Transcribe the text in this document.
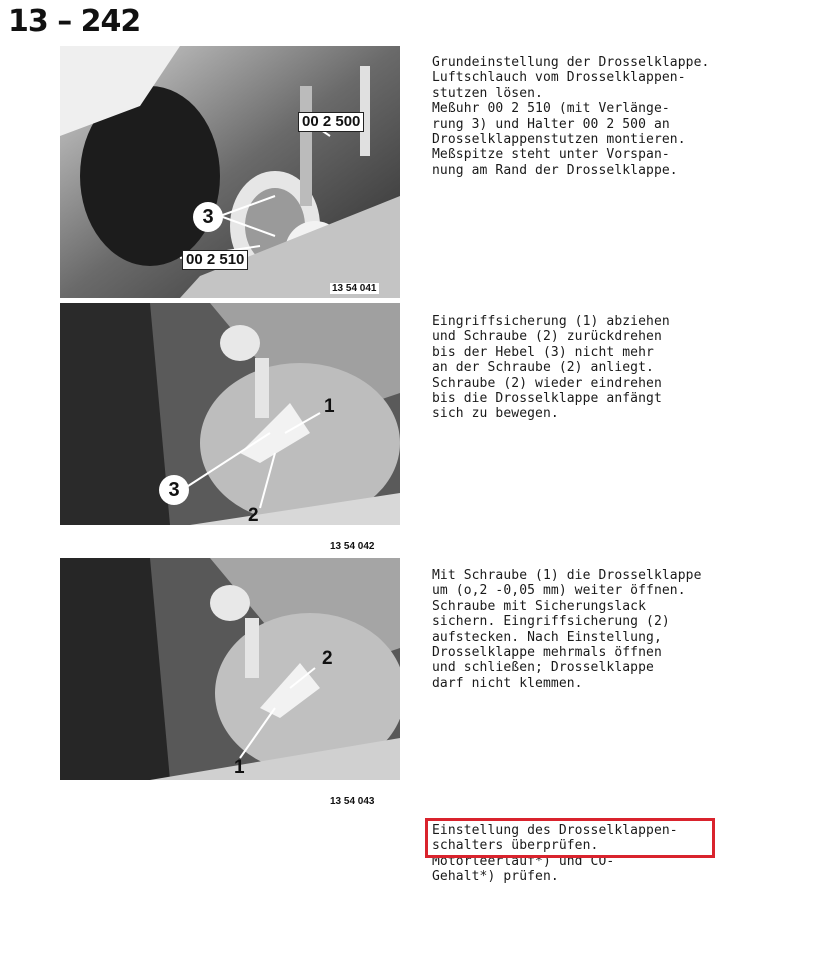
13 – 242
00 2 500
00 2 510
3
13 54 041
Grundeinstellung der Drosselklappe.
Luftschlauch vom Drosselklappen-
stutzen lösen.
Meßuhr 00 2 510 (mit Verlänge-
rung 3) und Halter 00 2 500 an
Drosselklappenstutzen montieren.
Meßspitze steht unter Vorspan-
nung am Rand der Drosselklappe.
3
2
1
13 54 042
Eingriffsicherung (1) abziehen
und Schraube (2) zurückdrehen
bis der Hebel (3) nicht mehr
an der Schraube (2) anliegt.
Schraube (2) wieder eindrehen
bis die Drosselklappe anfängt
sich zu bewegen.
2
1
13 54 043
Mit Schraube (1) die Drosselklappe
um (o,2 -0,05 mm) weiter öffnen.
Schraube mit Sicherungslack
sichern. Eingriffsicherung (2)
aufstecken. Nach Einstellung,
Drosselklappe mehrmals öffnen
und schließen; Drosselklappe
darf nicht klemmen.
Einstellung des Drosselklappen-
schalters überprüfen.
Motorleerlauf*) und CO-
Gehalt*) prüfen.
